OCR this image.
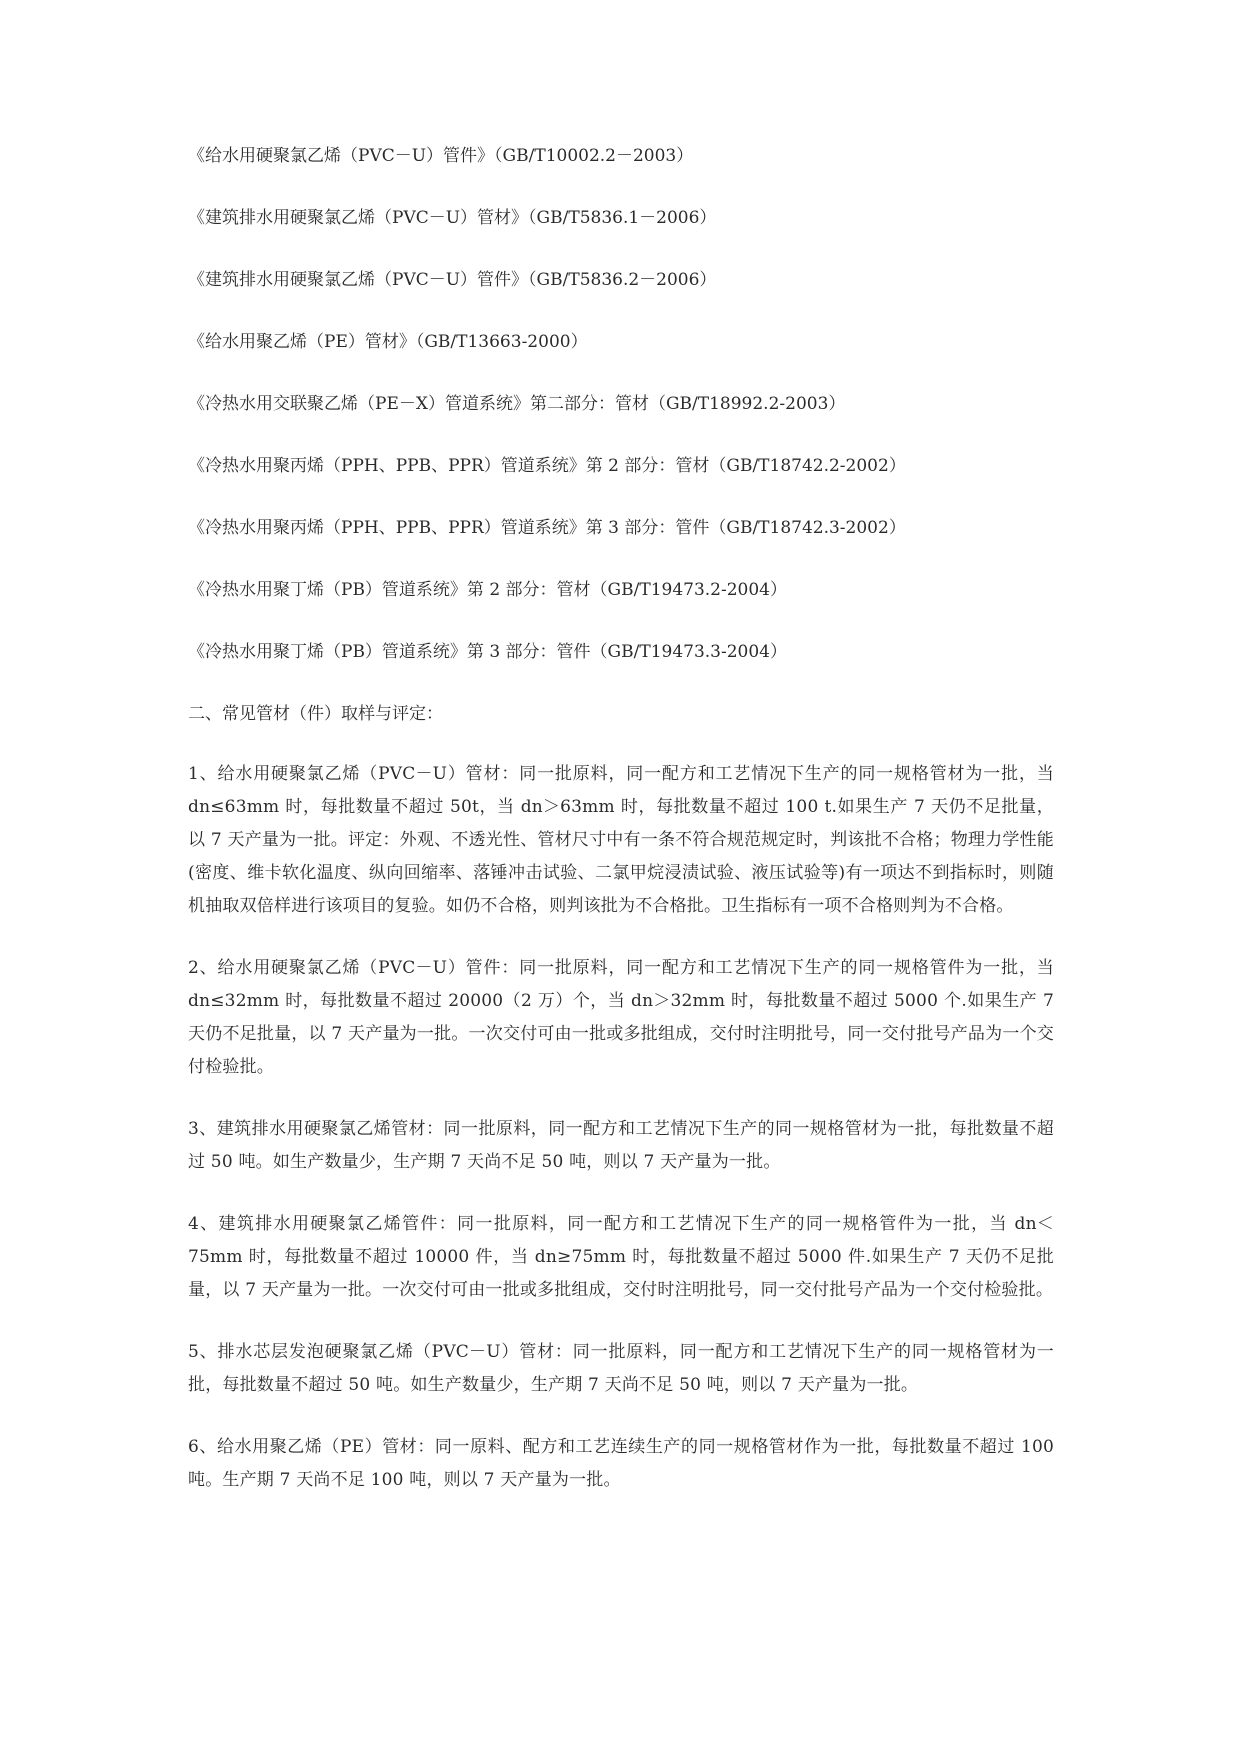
《给水用硬聚氯乙烯（PVC－U）管件》（GB/T10002.2－2003）
《建筑排水用硬聚氯乙烯（PVC－U）管材》（GB/T5836.1－2006）
《建筑排水用硬聚氯乙烯（PVC－U）管件》（GB/T5836.2－2006）
《给水用聚乙烯（PE）管材》（GB/T13663-2000）
《冷热水用交联聚乙烯（PE－X）管道系统》第二部分：管材（GB/T18992.2-2003）
《冷热水用聚丙烯（PPH、PPB、PPR）管道系统》第 2 部分：管材（GB/T18742.2-2002）
《冷热水用聚丙烯（PPH、PPB、PPR）管道系统》第 3 部分：管件（GB/T18742.3-2002）
《冷热水用聚丁烯（PB）管道系统》第 2 部分：管材（GB/T19473.2-2004）
《冷热水用聚丁烯（PB）管道系统》第 3 部分：管件（GB/T19473.3-2004）
二、常见管材（件）取样与评定：

1、给水用硬聚氯乙烯（PVC－U）管材：同一批原料，同一配方和工艺情况下生产的同一规格管材为一批，当 dn≤63mm 时，每批数量不超过 50t，当 dn＞63mm 时，每批数量不超过 100 t.如果生产 7 天仍不足批量，以 7 天产量为一批。评定：外观、不透光性、管材尺寸中有一条不符合规范规定时，判该批不合格；物理力学性能(密度、维卡软化温度、纵向回缩率、落锤冲击试验、二氯甲烷浸渍试验、液压试验等)有一项达不到指标时，则随机抽取双倍样进行该项目的复验。如仍不合格，则判该批为不合格批。卫生指标有一项不合格则判为不合格。

2、给水用硬聚氯乙烯（PVC－U）管件：同一批原料，同一配方和工艺情况下生产的同一规格管件为一批，当 dn≤32mm 时，每批数量不超过 20000（2 万）个，当 dn＞32mm 时，每批数量不超过 5000 个.如果生产 7 天仍不足批量，以 7 天产量为一批。一次交付可由一批或多批组成，交付时注明批号，同一交付批号产品为一个交付检验批。

3、建筑排水用硬聚氯乙烯管材：同一批原料，同一配方和工艺情况下生产的同一规格管材为一批，每批数量不超过 50 吨。如生产数量少，生产期 7 天尚不足 50 吨，则以 7 天产量为一批。

4、建筑排水用硬聚氯乙烯管件：同一批原料，同一配方和工艺情况下生产的同一规格管件为一批，当 dn＜75mm 时，每批数量不超过 10000 件，当 dn≥75mm 时，每批数量不超过 5000 件.如果生产 7 天仍不足批量，以 7 天产量为一批。一次交付可由一批或多批组成，交付时注明批号，同一交付批号产品为一个交付检验批。

5、排水芯层发泡硬聚氯乙烯（PVC－U）管材：同一批原料，同一配方和工艺情况下生产的同一规格管材为一批，每批数量不超过 50 吨。如生产数量少，生产期 7 天尚不足 50 吨，则以 7 天产量为一批。

6、给水用聚乙烯（PE）管材：同一原料、配方和工艺连续生产的同一规格管材作为一批，每批数量不超过 100 吨。生产期 7 天尚不足 100 吨，则以 7 天产量为一批。
